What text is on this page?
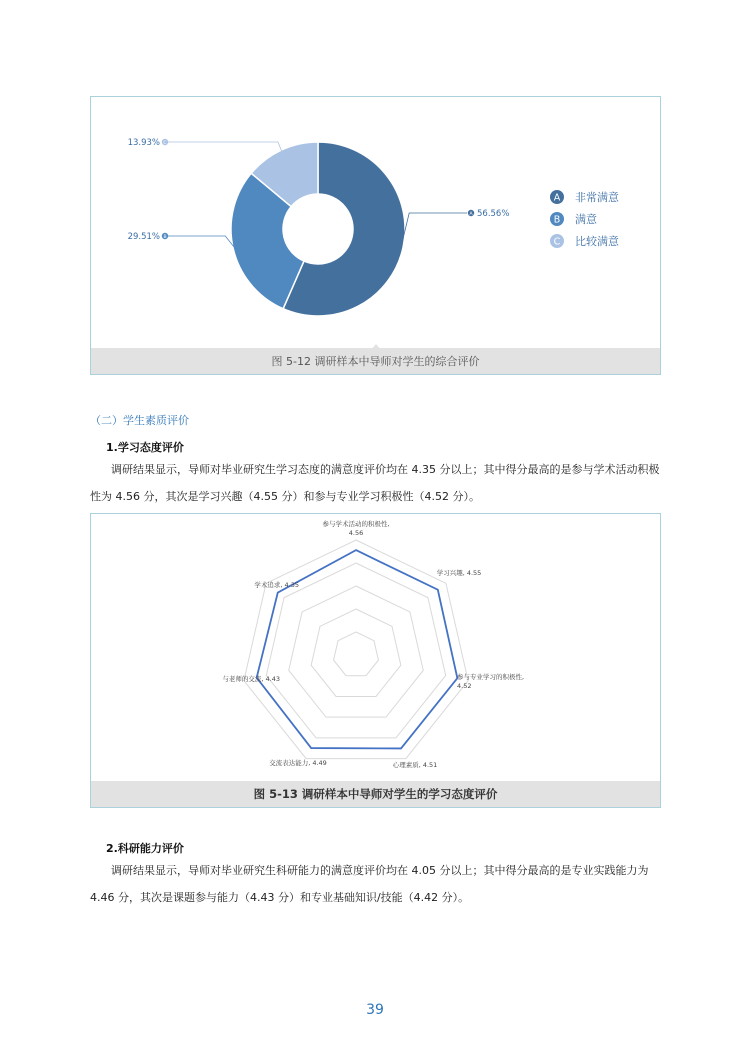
A 56.56%
B
29.51%
C
13.93%
A 非常满意
B 满意
C 比较满意
图 5-12 调研样本中导师对学生的综合评价
（二）学生素质评价
1.学习态度评价
调研结果显示，导师对毕业研究生学习态度的满意度评价均在 4.35 分以上；其中得分最高的是参与学术活动积极性为 4.56 分，其次是学习兴趣（4.55 分）和参与专业学习积极性（4.52 分）。
参与学术活动的积极性, 4.56
学习兴趣, 4.55
参与专业学习的积极性, 4.52
心理素质, 4.51
交流表达能力, 4.49
与老师的交流, 4.43
学术追求, 4.35
图 5-13 调研样本中导师对学生的学习态度评价
2.科研能力评价
调研结果显示，导师对毕业研究生科研能力的满意度评价均在 4.05 分以上；其中得分最高的是专业实践能力为 4.46 分，其次是课题参与能力（4.43 分）和专业基础知识/技能（4.42 分）。
39
